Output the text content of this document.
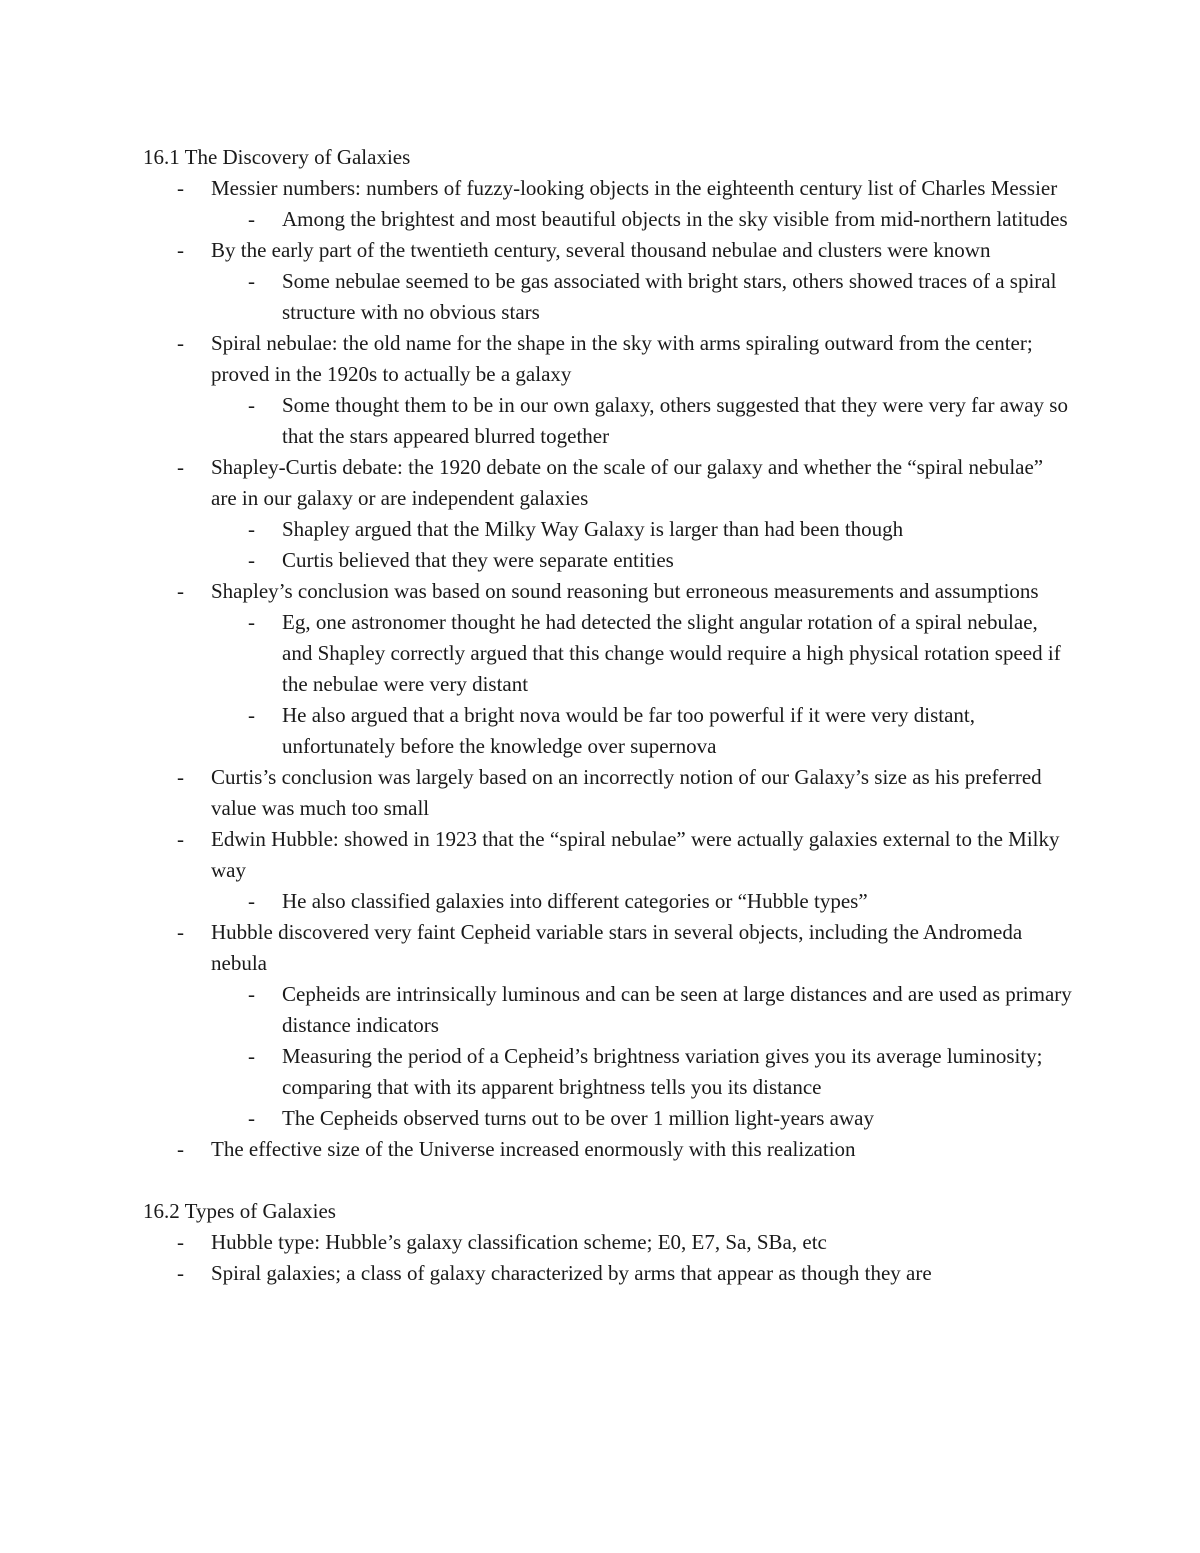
16.1 The Discovery of Galaxies
- Messier numbers: numbers of fuzzy-looking objects in the eighteenth century list of Charles Messier
- Among the brightest and most beautiful objects in the sky visible from mid-northern latitudes
- By the early part of the twentieth century, several thousand nebulae and clusters were known
- Some nebulae seemed to be gas associated with bright stars, others showed traces of a spiral structure with no obvious stars
- Spiral nebulae: the old name for the shape in the sky with arms spiraling outward from the center; proved in the 1920s to actually be a galaxy
- Some thought them to be in our own galaxy, others suggested that they were very far away so that the stars appeared blurred together
- Shapley-Curtis debate: the 1920 debate on the scale of our galaxy and whether the “spiral nebulae” are in our galaxy or are independent galaxies
- Shapley argued that the Milky Way Galaxy is larger than had been though
- Curtis believed that they were separate entities
- Shapley’s conclusion was based on sound reasoning but erroneous measurements and assumptions
- Eg, one astronomer thought he had detected the slight angular rotation of a spiral nebulae, and Shapley correctly argued that this change would require a high physical rotation speed if the nebulae were very distant
- He also argued that a bright nova would be far too powerful if it were very distant, unfortunately before the knowledge over supernova
- Curtis’s conclusion was largely based on an incorrectly notion of our Galaxy’s size as his preferred value was much too small
- Edwin Hubble: showed in 1923 that the “spiral nebulae” were actually galaxies external to the Milky way
- He also classified galaxies into different categories or “Hubble types”
- Hubble discovered very faint Cepheid variable stars in several objects, including the Andromeda nebula
- Cepheids are intrinsically luminous and can be seen at large distances and are used as primary distance indicators
- Measuring the period of a Cepheid’s brightness variation gives you its average luminosity; comparing that with its apparent brightness tells you its distance
- The Cepheids observed turns out to be over 1 million light-years away
- The effective size of the Universe increased enormously with this realization
16.2 Types of Galaxies
- Hubble type: Hubble’s galaxy classification scheme; E0, E7, Sa, SBa, etc
- Spiral galaxies; a class of galaxy characterized by arms that appear as though they are
